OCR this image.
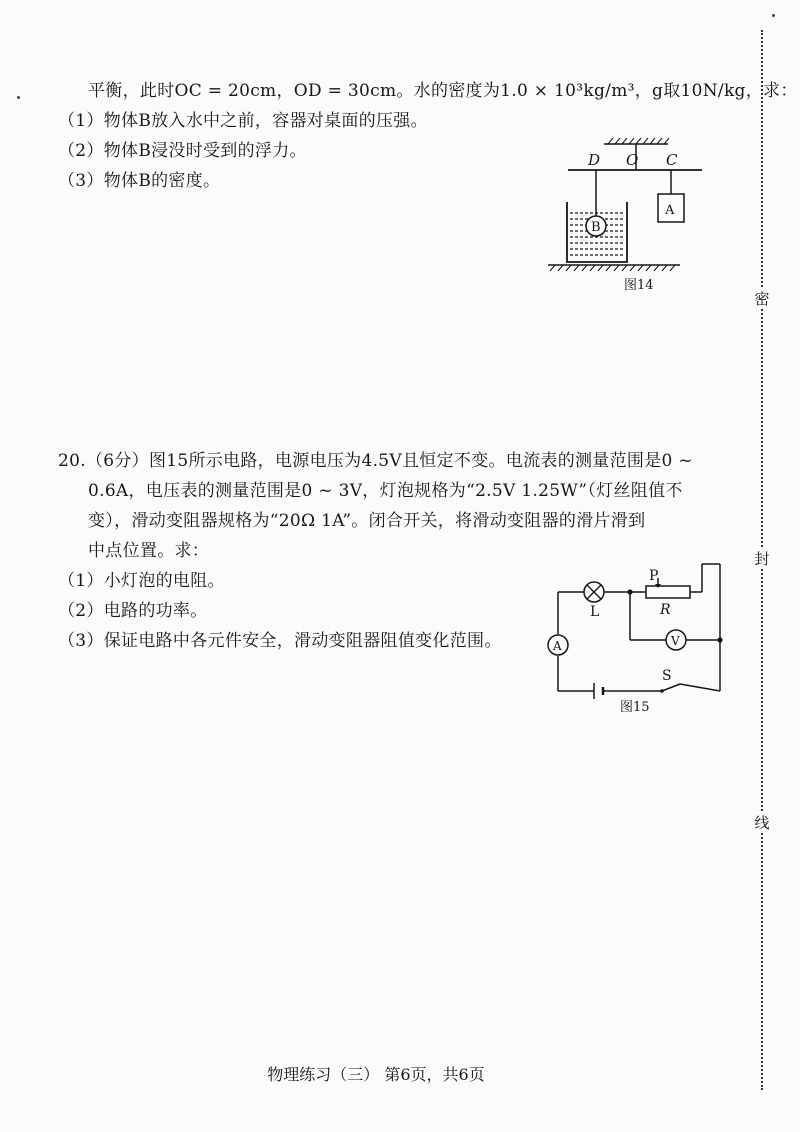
平衡，此时OC = 20cm，OD = 30cm。水的密度为1.0 × 10³kg/m³，g取10N/kg，求：
（1）物体B放入水中之前，容器对桌面的压强。
（2）物体B浸没时受到的浮力。
（3）物体B的密度。
D O C
A
B
图14
20.（6分）图15所示电路，电源电压为4.5V且恒定不变。电流表的测量范围是0 ~
0.6A，电压表的测量范围是0 ~ 3V，灯泡规格为“2.5V 1.25W”（灯丝阻值不
变），滑动变阻器规格为“20Ω 1A”。闭合开关，将滑动变阻器的滑片滑到
中点位置。求：
（1）小灯泡的电阻。
（2）电路的功率。
（3）保证电路中各元件安全，滑动变阻器阻值变化范围。	A	V
P
R
L
S
图15
密
封
线
物理练习（三） 第6页，共6页
